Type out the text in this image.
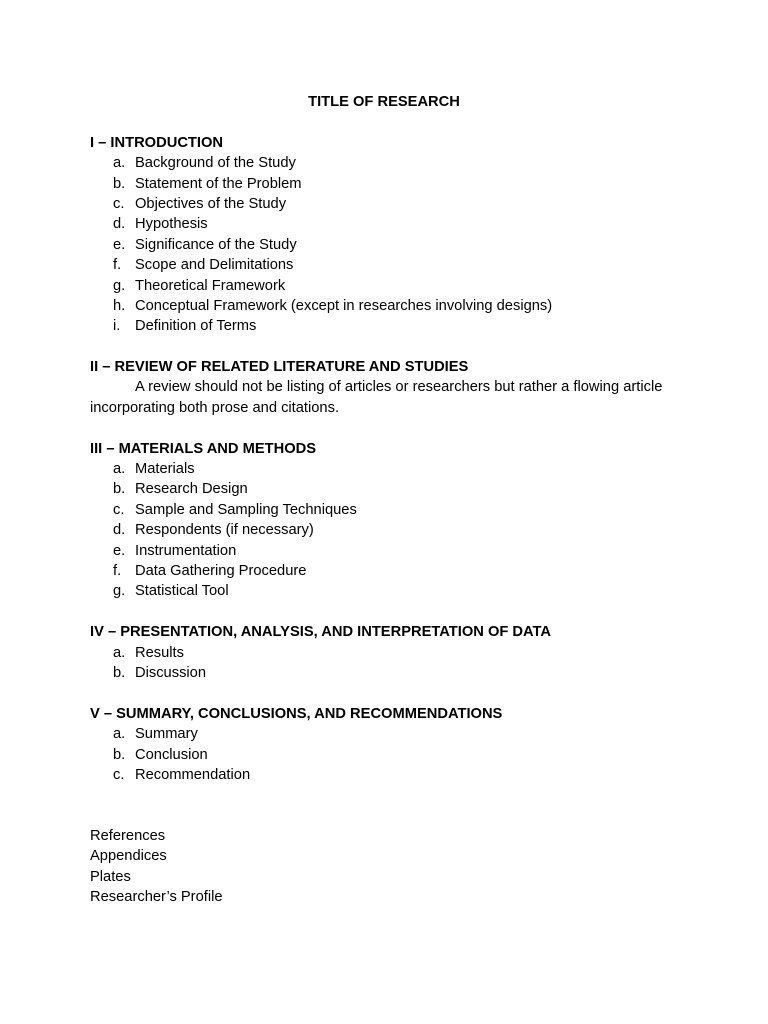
TITLE OF RESEARCH
I – INTRODUCTION
a. Background of the Study
b. Statement of the Problem
c. Objectives of the Study
d. Hypothesis
e. Significance of the Study
f. Scope and Delimitations
g. Theoretical Framework
h. Conceptual Framework (except in researches involving designs)
i. Definition of Terms
II – REVIEW OF RELATED LITERATURE AND STUDIES
A review should not be listing of articles or researchers but rather a flowing article
incorporating both prose and citations.
III – MATERIALS AND METHODS
a. Materials
b. Research Design
c. Sample and Sampling Techniques
d. Respondents (if necessary)
e. Instrumentation
f. Data Gathering Procedure
g. Statistical Tool
IV – PRESENTATION, ANALYSIS, AND INTERPRETATION OF DATA
a. Results
b. Discussion
V – SUMMARY, CONCLUSIONS, AND RECOMMENDATIONS
a. Summary
b. Conclusion
c. Recommendation
References
Appendices
Plates
Researcher’s Profile
